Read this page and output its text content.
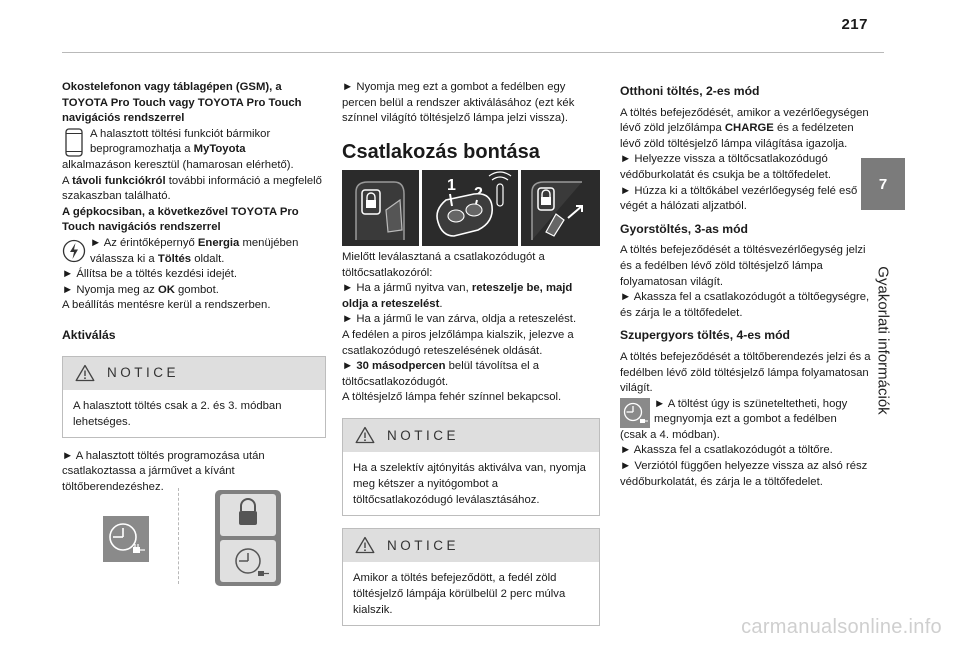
217
7
Gyakorlati információk

Okostelefonon vagy táblagépen (GSM), a TOYOTA Pro Touch vagy TOYOTA Pro Touch navigációs rendszerrel

A halasztott töltési funkciót bármikor

beprogramozhatja a MyToyota

alkalmazáson keresztül (hamarosan elérhető).

A távoli funkciókról további információ a megfelelő szakaszban található.

A gépkocsiban, a következővel TOYOTA Pro Touch navigációs rendszerrel

► Az érintőképernyő Energia menüjében

válassza ki a Töltés oldalt.

► Állítsa be a töltés kezdési idejét.

► Nyomja meg az OK gombot.

A beállítás mentésre kerül a rendszerben.

Aktiválás

NOTICE
A halasztott töltés csak a 2. és 3. módban lehetséges.

► A halasztott töltés programozása után csatlakoztassa a járművet a kívánt töltőberendezéshez.

► Nyomja meg ezt a gombot a fedélben egy percen belül a rendszer aktiválásához (ezt kék színnel világító töltésjelző lámpa jelzi vissza).

Csatlakozás bontása

1

Mielőtt leválasztaná a csatlakozódugót a töltőcsatlakozóról:

► Ha a jármű nyitva van, reteszelje be, majd oldja a reteszelést.

► Ha a jármű le van zárva, oldja a reteszelést.

A fedélen a piros jelzőlámpa kialszik, jelezve a csatlakozódugó reteszelésének oldását.

► 30 másodpercen belül távolítsa el a töltőcsatlakozódugót.

A töltésjelző lámpa fehér színnel bekapcsol.

NOTICE
Ha a szelektív ajtónyitás aktiválva van, nyomja meg kétszer a nyitógombot a töltőcsatlakozódugó leválasztásához.
NOTICE
Amikor a töltés befejeződött, a fedél zöld töltésjelző lámpája körülbelül 2 perc múlva kialszik.

Otthoni töltés, 2-es mód

A töltés befejeződését, amikor a vezérlőegységen lévő zöld jelzőlámpa CHARGE és a fedélzeten lévő zöld töltésjelző lámpa világítása igazolja.

► Helyezze vissza a töltőcsatlakozódugó védőburkolatát és csukja be a töltőfedelet.

► Húzza ki a töltőkábel vezérlőegység felé eső végét a hálózati aljzatból.

Gyorstöltés, 3-as mód

A töltés befejeződését a töltésvezérlőegység jelzi és a fedélben lévő zöld töltésjelző lámpa folyamatosan világít.

► Akassza fel a csatlakozódugót a töltőegységre, és zárja le a töltőfedelet.

Szupergyors töltés, 4-es mód

A töltés befejeződését a töltőberendezés jelzi és a fedélben lévő zöld töltésjelző lámpa folyamatosan világít.

► A töltést úgy is szüneteltetheti, hogy

megnyomja ezt a gombot a fedélben

(csak a 4. módban).

► Akassza fel a csatlakozódugót a töltőre.

► Verziótól függően helyezze vissza az alsó rész védőburkolatát, és zárja le a töltőfedelet.

carmanualsonline.info
